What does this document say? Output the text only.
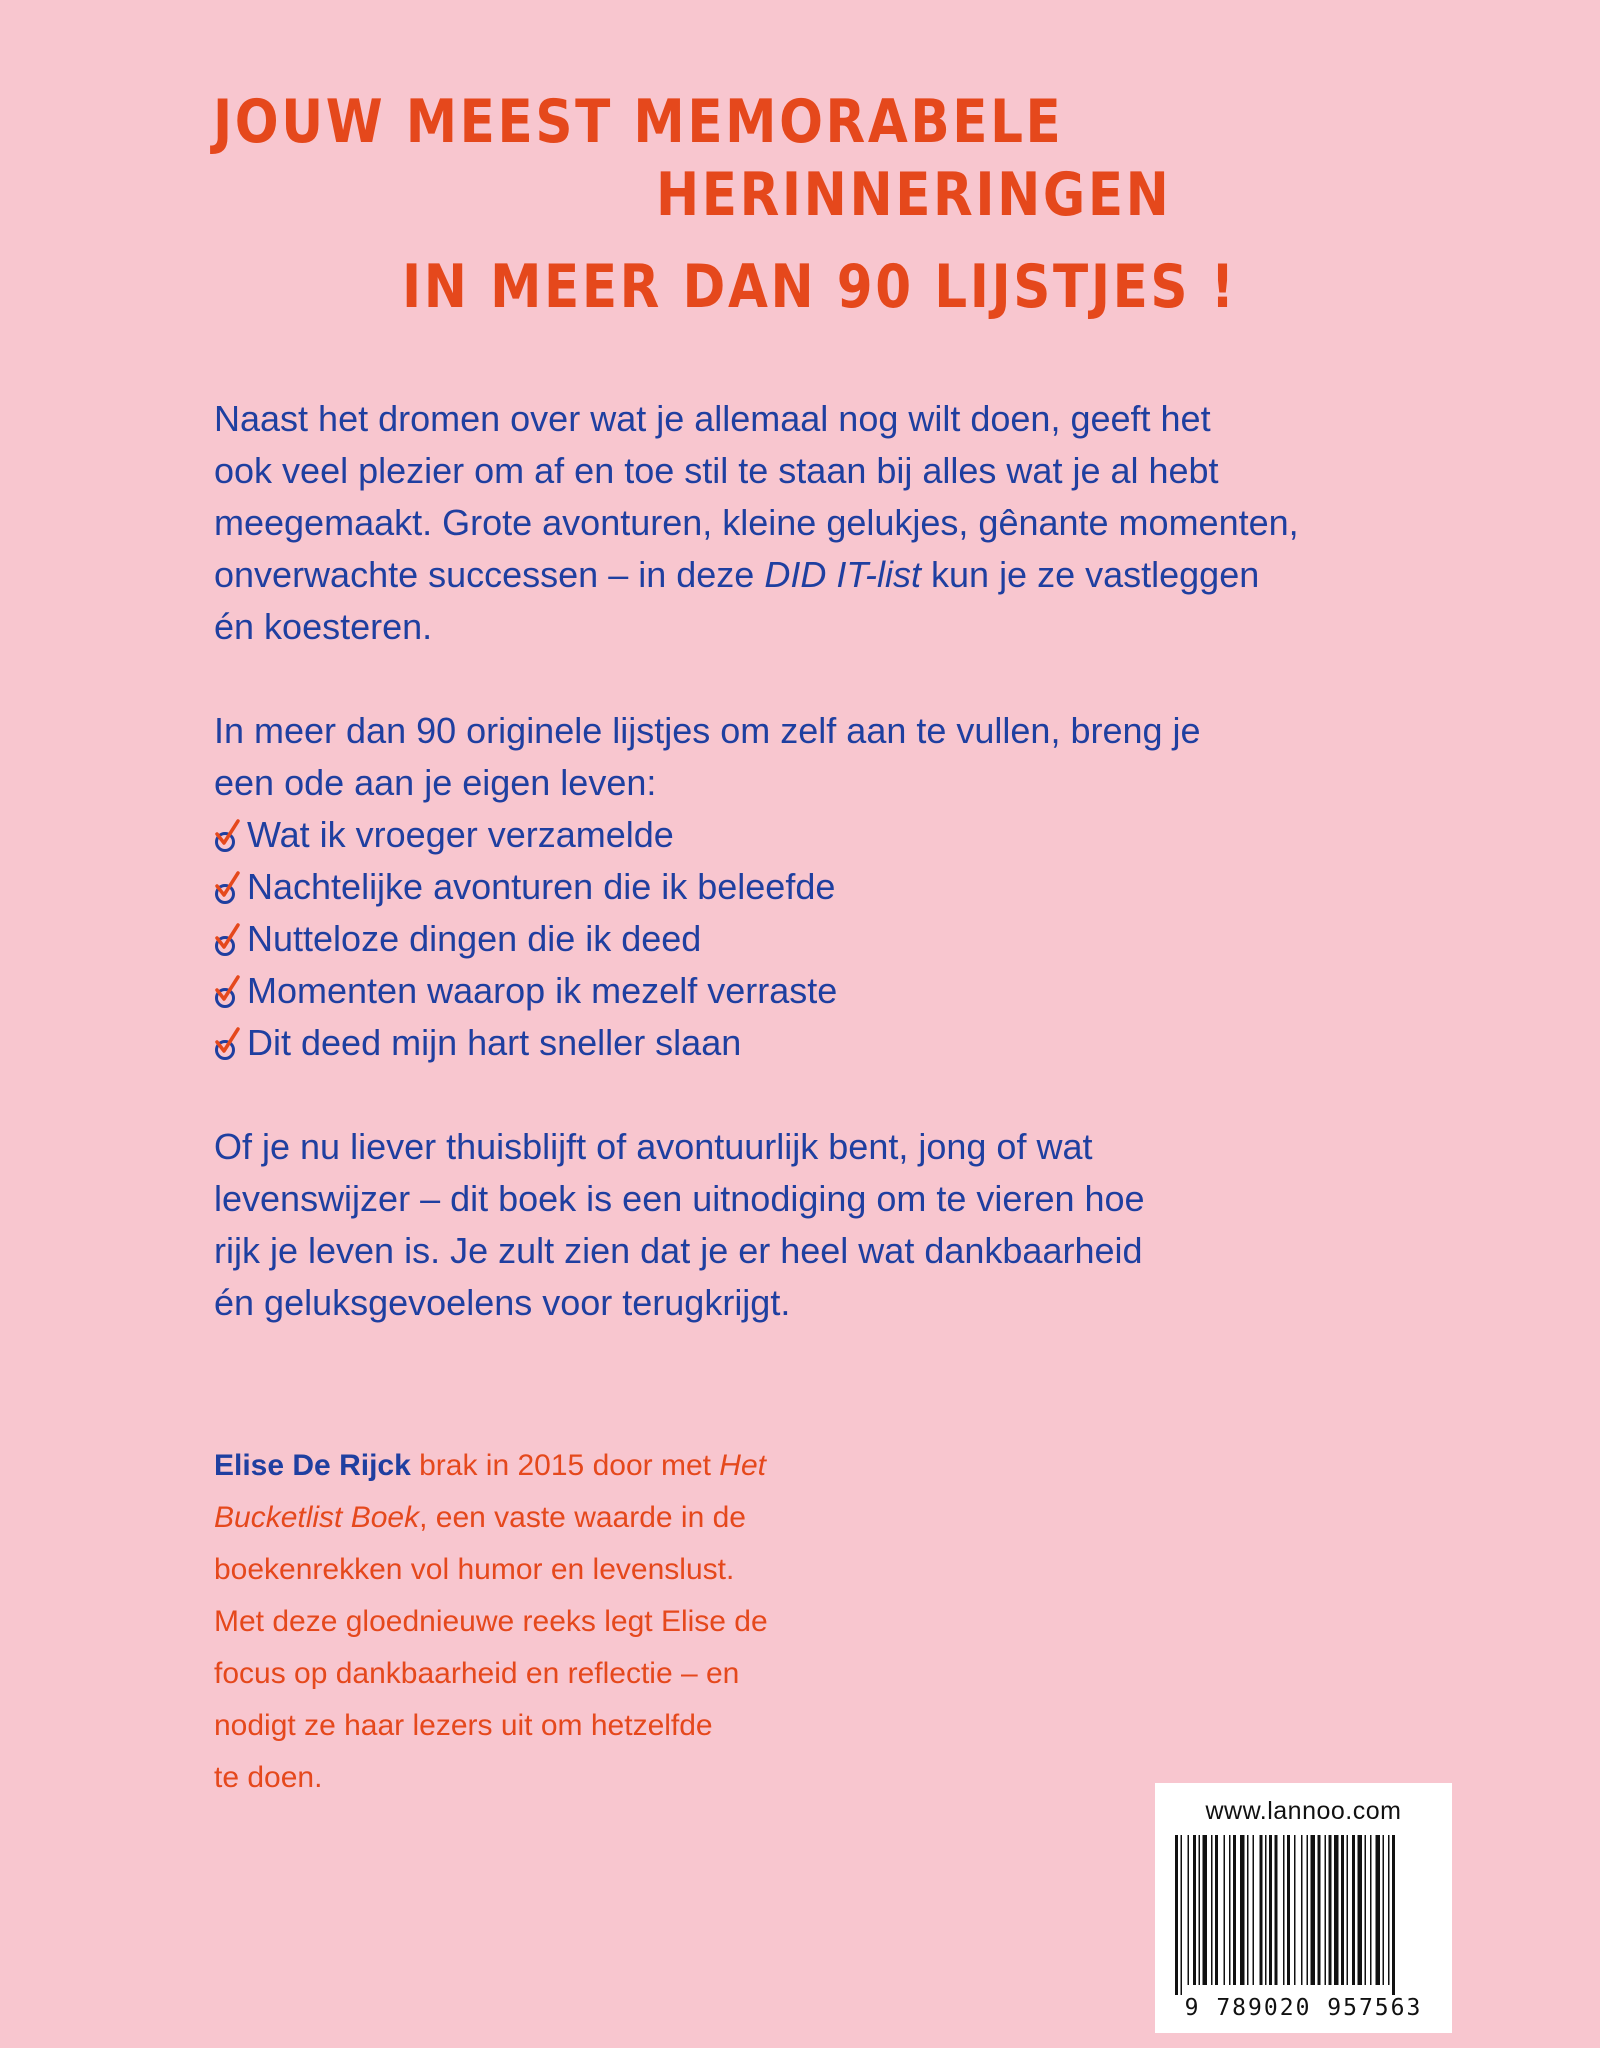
JOUW MEEST MEMORABELE
HERINNERINGEN
IN MEER DAN 90 LIJSTJES !
Naast het dromen over wat je allemaal nog wilt doen, geeft het
ook veel plezier om af en toe stil te staan bij alles wat je al hebt
meegemaakt. Grote avonturen, kleine gelukjes, gênante momenten,
onverwachte successen – in deze DID IT-list kun je ze vastleggen
én koesteren.
In meer dan 90 originele lijstjes om zelf aan te vullen, breng je
een ode aan je eigen leven:
Wat ik vroeger verzamelde
Nachtelijke avonturen die ik beleefde
Nutteloze dingen die ik deed
Momenten waarop ik mezelf verraste
Dit deed mijn hart sneller slaan
Of je nu liever thuisblijft of avontuurlijk bent, jong of wat
levenswijzer – dit boek is een uitnodiging om te vieren hoe
rijk je leven is. Je zult zien dat je er heel wat dankbaarheid
én geluksgevoelens voor terugkrijgt.
Elise De Rijck brak in 2015 door met Het
Bucketlist Boek, een vaste waarde in de
boekenrekken vol humor en levenslust.
Met deze gloednieuwe reeks legt Elise de
focus op dankbaarheid en reflectie – en
nodigt ze haar lezers uit om hetzelfde
te doen.
www.lannoo.com
9 789020 957563
